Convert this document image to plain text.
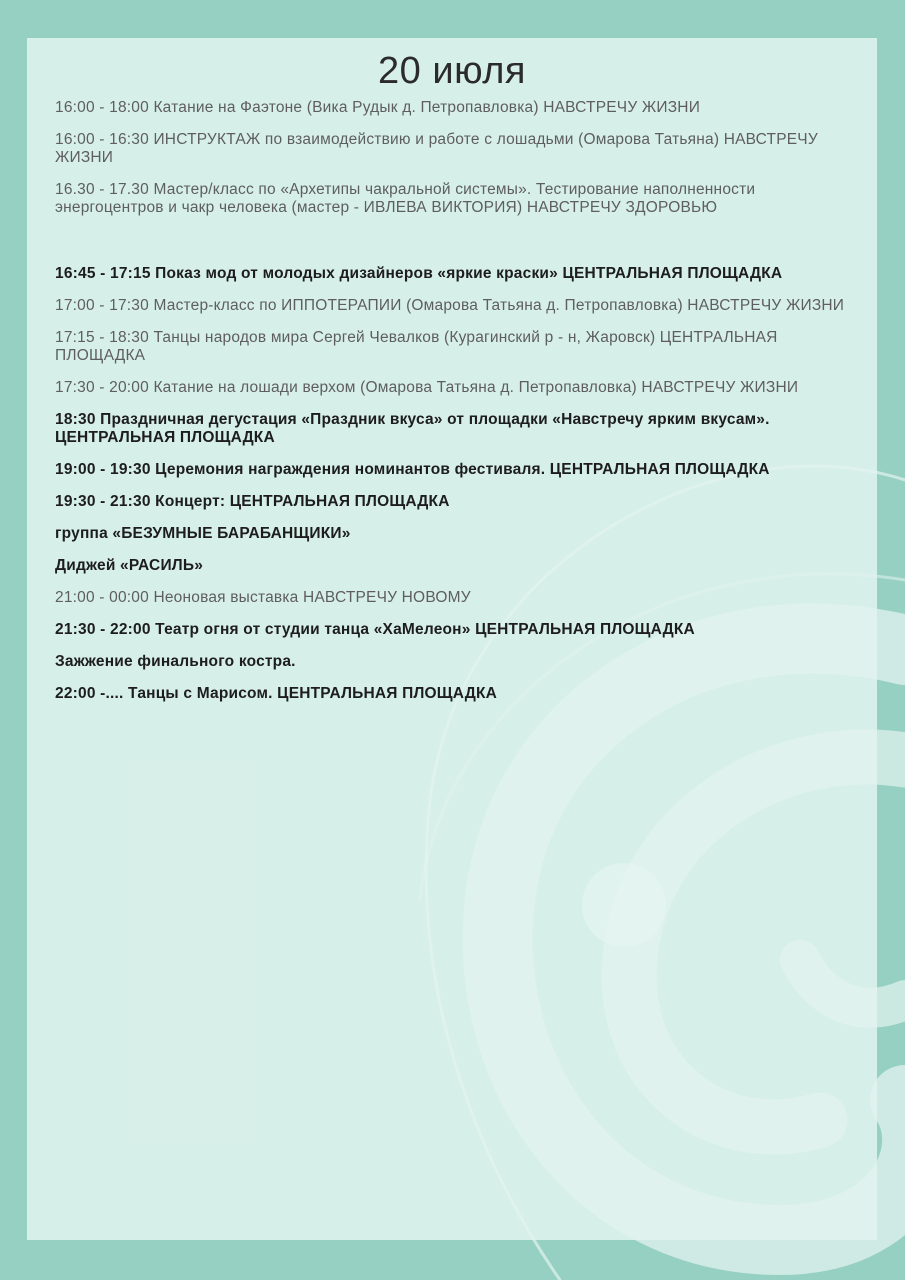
20 июля

16:00 - 18:00 Катание на Фаэтоне (Вика Рудык д. Петропавловка) НАВСТРЕЧУ ЖИЗНИ

16:00 - 16:30 ИНСТРУКТАЖ по взаимодействию и работе с лошадьми (Омарова Татьяна) НАВСТРЕЧУ ЖИЗНИ

16.30 - 17.30 Мастер/класс по «Архетипы чакральной системы». Тестирование наполненности энергоцентров и чакр человека (мастер - ИВЛЕВА ВИКТОРИЯ) НАВСТРЕЧУ ЗДОРОВЬЮ

16:45 - 17:15 Показ мод от молодых дизайнеров «яркие краски» ЦЕНТРАЛЬНАЯ ПЛОЩАДКА

17:00 - 17:30 Мастер-класс по ИППОТЕРАПИИ (Омарова Татьяна д. Петропавловка) НАВСТРЕЧУ ЖИЗНИ

17:15 - 18:30 Танцы народов мира Сергей Чевалков (Курагинский р - н, Жаровск) ЦЕНТРАЛЬНАЯ ПЛОЩАДКА

17:30 - 20:00 Катание на лошади верхом (Омарова Татьяна д. Петропавловка) НАВСТРЕЧУ ЖИЗНИ

18:30 Праздничная дегустация «Праздник вкуса» от площадки «Навстречу ярким вкусам». ЦЕНТРАЛЬНАЯ ПЛОЩАДКА

19:00 - 19:30 Церемония награждения номинантов фестиваля. ЦЕНТРАЛЬНАЯ ПЛОЩАДКА

19:30 - 21:30 Концерт: ЦЕНТРАЛЬНАЯ ПЛОЩАДКА

группа «БЕЗУМНЫЕ БАРАБАНЩИКИ»

Диджей «РАСИЛЬ»

21:00 - 00:00 Неоновая выставка НАВСТРЕЧУ НОВОМУ

21:30 - 22:00 Театр огня от студии танца «ХаМелеон» ЦЕНТРАЛЬНАЯ ПЛОЩАДКА

Зажжение финального костра.

22:00 -.... Танцы с Марисом. ЦЕНТРАЛЬНАЯ ПЛОЩАДКА
